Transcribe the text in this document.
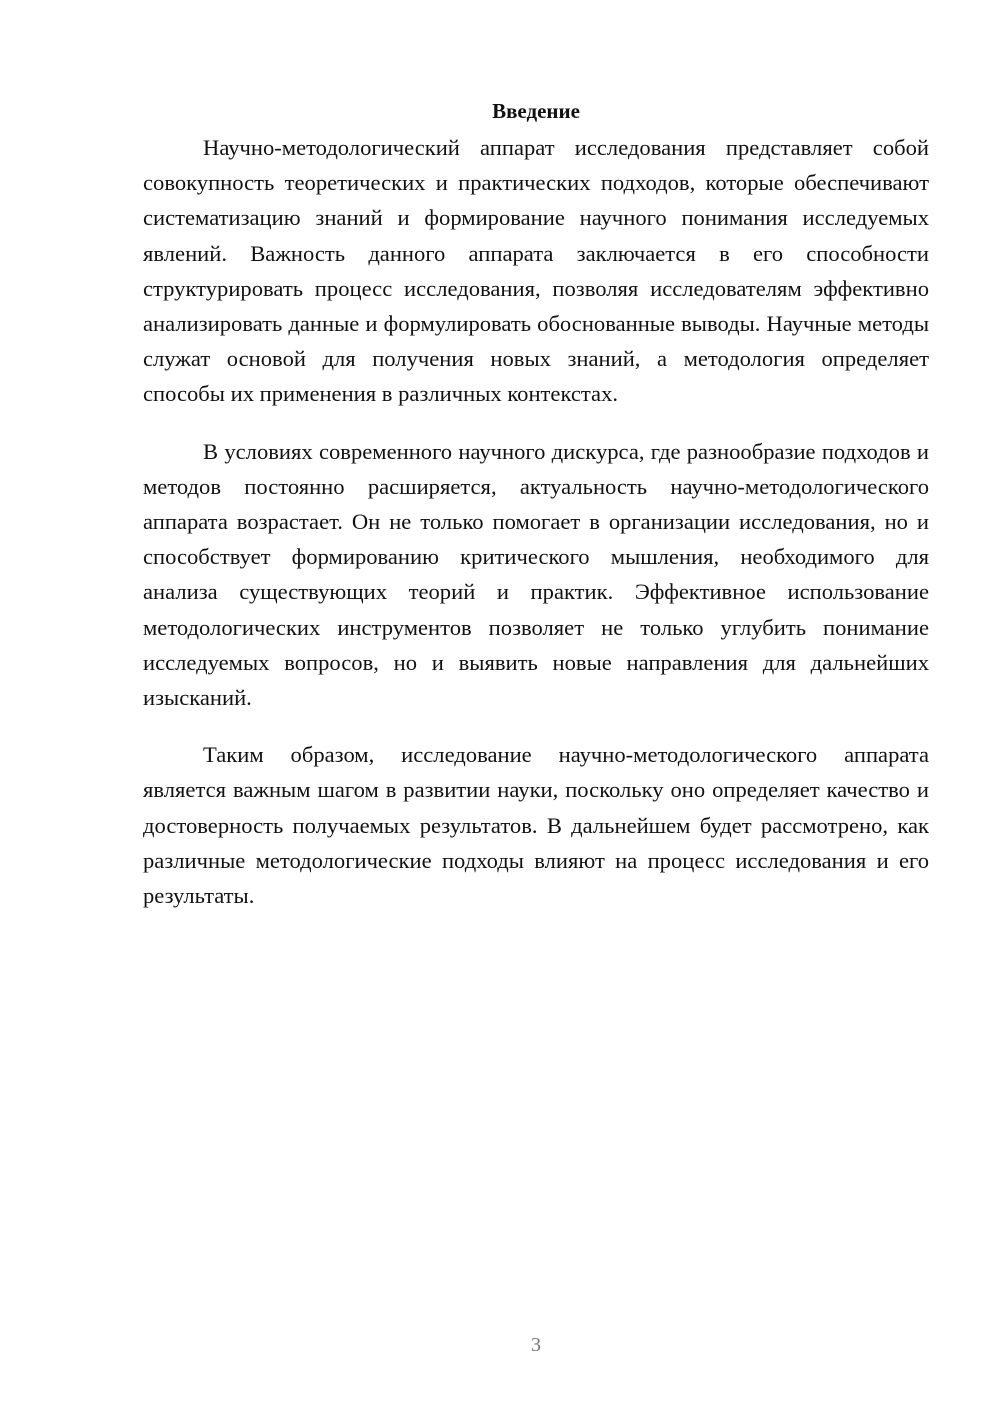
Введение

Научно-методологический аппарат исследования представляет собой совокупность теоретических и практических подходов, которые обеспечивают систематизацию знаний и формирование научного понимания исследуемых явлений. Важность данного аппарата заключается в его способности структурировать процесс исследования, позволяя исследователям эффективно анализировать данные и формулировать обоснованные выводы. Научные методы служат основой для получения новых знаний, а методология определяет способы их применения в различных контекстах.

В условиях современного научного дискурса, где разнообразие подходов и методов постоянно расширяется, актуальность научно-методологического аппарата возрастает. Он не только помогает в организации исследования, но и способствует формированию критического мышления, необходимого для анализа существующих теорий и практик. Эффективное использование методологических инструментов позволяет не только углубить понимание исследуемых вопросов, но и выявить новые направления для дальнейших изысканий.

Таким образом, исследование научно-методологического аппарата является важным шагом в развитии науки, поскольку оно определяет качество и достоверность получаемых результатов. В дальнейшем будет рассмотрено, как различные методологические подходы влияют на процесс исследования и его результаты.

3
